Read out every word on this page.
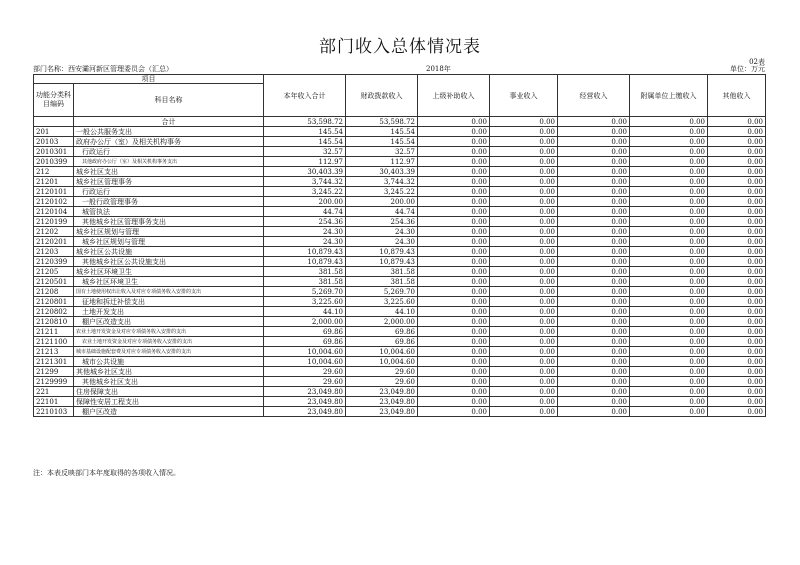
部门收入总体情况表
02表
部门名称：西安灞河新区管理委员会（汇总）	2018年	单位：万元
项目		本年收入合计	财政拨款收入	上级补助收入	事业收入	经营收入	附属单位上缴收入	其他收入
功能分类科目编码	科目名称							
	合计	53,598.72	53,598.72	0.00	0.00	0.00	0.00	0.00
201	一般公共服务支出	145.54	145.54	0.00	0.00	0.00	0.00	0.00
20103	政府办公厅（室）及相关机构事务	145.54	145.54	0.00	0.00	0.00	0.00	0.00
2010301	行政运行	32.57	32.57	0.00	0.00	0.00	0.00	0.00
2010399	其他政府办公厅（室）及相关机构事务支出	112.97	112.97	0.00	0.00	0.00	0.00	0.00
212	城乡社区支出	30,403.39	30,403.39	0.00	0.00	0.00	0.00	0.00
21201	城乡社区管理事务	3,744.32	3,744.32	0.00	0.00	0.00	0.00	0.00
2120101	行政运行	3,245.22	3,245.22	0.00	0.00	0.00	0.00	0.00
2120102	一般行政管理事务	200.00	200.00	0.00	0.00	0.00	0.00	0.00
2120104	城管执法	44.74	44.74	0.00	0.00	0.00	0.00	0.00
2120199	其他城乡社区管理事务支出	254.36	254.36	0.00	0.00	0.00	0.00	0.00
21202	城乡社区规划与管理	24.30	24.30	0.00	0.00	0.00	0.00	0.00
2120201	城乡社区规划与管理	24.30	24.30	0.00	0.00	0.00	0.00	0.00
21203	城乡社区公共设施	10,879.43	10,879.43	0.00	0.00	0.00	0.00	0.00
2120399	其他城乡社区公共设施支出	10,879.43	10,879.43	0.00	0.00	0.00	0.00	0.00
21205	城乡社区环境卫生	381.58	381.58	0.00	0.00	0.00	0.00	0.00
2120501	城乡社区环境卫生	381.58	381.58	0.00	0.00	0.00	0.00	0.00
21208	国有土地使用权出让收入及对应专项债务收入安排的支出	5,269.70	5,269.70	0.00	0.00	0.00	0.00	0.00
2120801	征地和拆迁补偿支出	3,225.60	3,225.60	0.00	0.00	0.00	0.00	0.00
2120802	土地开发支出	44.10	44.10	0.00	0.00	0.00	0.00	0.00
2120810	棚户区改造支出	2,000.00	2,000.00	0.00	0.00	0.00	0.00	0.00
21211	农业土地开发资金及对应专项债务收入安排的支出	69.86	69.86	0.00	0.00	0.00	0.00	0.00
2121100	农业土地开发资金及对应专项债务收入安排的支出	69.86	69.86	0.00	0.00	0.00	0.00	0.00
21213	城市基础设施配套费及对应专项债务收入安排的支出	10,004.60	10,004.60	0.00	0.00	0.00	0.00	0.00
2121301	城市公共设施	10,004.60	10,004.60	0.00	0.00	0.00	0.00	0.00
21299	其他城乡社区支出	29.60	29.60	0.00	0.00	0.00	0.00	0.00
2129999	其他城乡社区支出	29.60	29.60	0.00	0.00	0.00	0.00	0.00
221	住房保障支出	23,049.80	23,049.80	0.00	0.00	0.00	0.00	0.00
22101	保障性安居工程支出	23,049.80	23,049.80	0.00	0.00	0.00	0.00	0.00
2210103	棚户区改造	23,049.80	23,049.80	0.00	0.00	0.00	0.00	0.00
注：本表反映部门本年度取得的各项收入情况。
